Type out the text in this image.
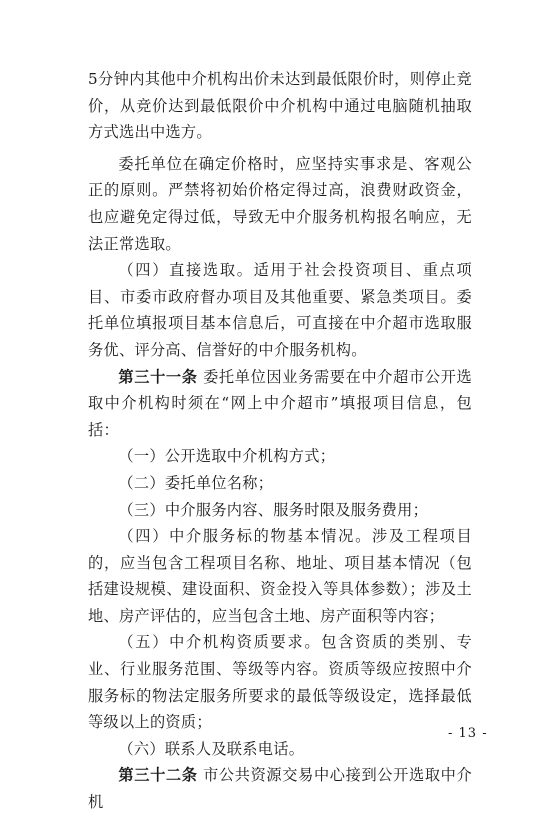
5分钟内其他中介机构出价未达到最低限价时，则停止竞价，从竞价达到最低限价中介机构中通过电脑随机抽取方式选出中选方。

委托单位在确定价格时，应坚持实事求是、客观公正的原则。严禁将初始价格定得过高，浪费财政资金，也应避免定得过低，导致无中介服务机构报名响应，无法正常选取。

（四）直接选取。适用于社会投资项目、重点项目、市委市政府督办项目及其他重要、紧急类项目。委托单位填报项目基本信息后，可直接在中介超市选取服务优、评分高、信誉好的中介服务机构。

第三十一条 委托单位因业务需要在中介超市公开选取中介机构时须在“网上中介超市”填报项目信息，包括：

（一）公开选取中介机构方式；

（二）委托单位名称；

（三）中介服务内容、服务时限及服务费用；

（四）中介服务标的物基本情况。涉及工程项目的，应当包含工程项目名称、地址、项目基本情况（包括建设规模、建设面积、资金投入等具体参数）；涉及土地、房产评估的，应当包含土地、房产面积等内容；

（五）中介机构资质要求。包含资质的类别、专业、行业服务范围、等级等内容。资质等级应按照中介服务标的物法定服务所要求的最低等级设定，选择最低等级以上的资质；

（六）联系人及联系电话。

第三十二条 市公共资源交易中心接到公开选取中介机

- 13 -
